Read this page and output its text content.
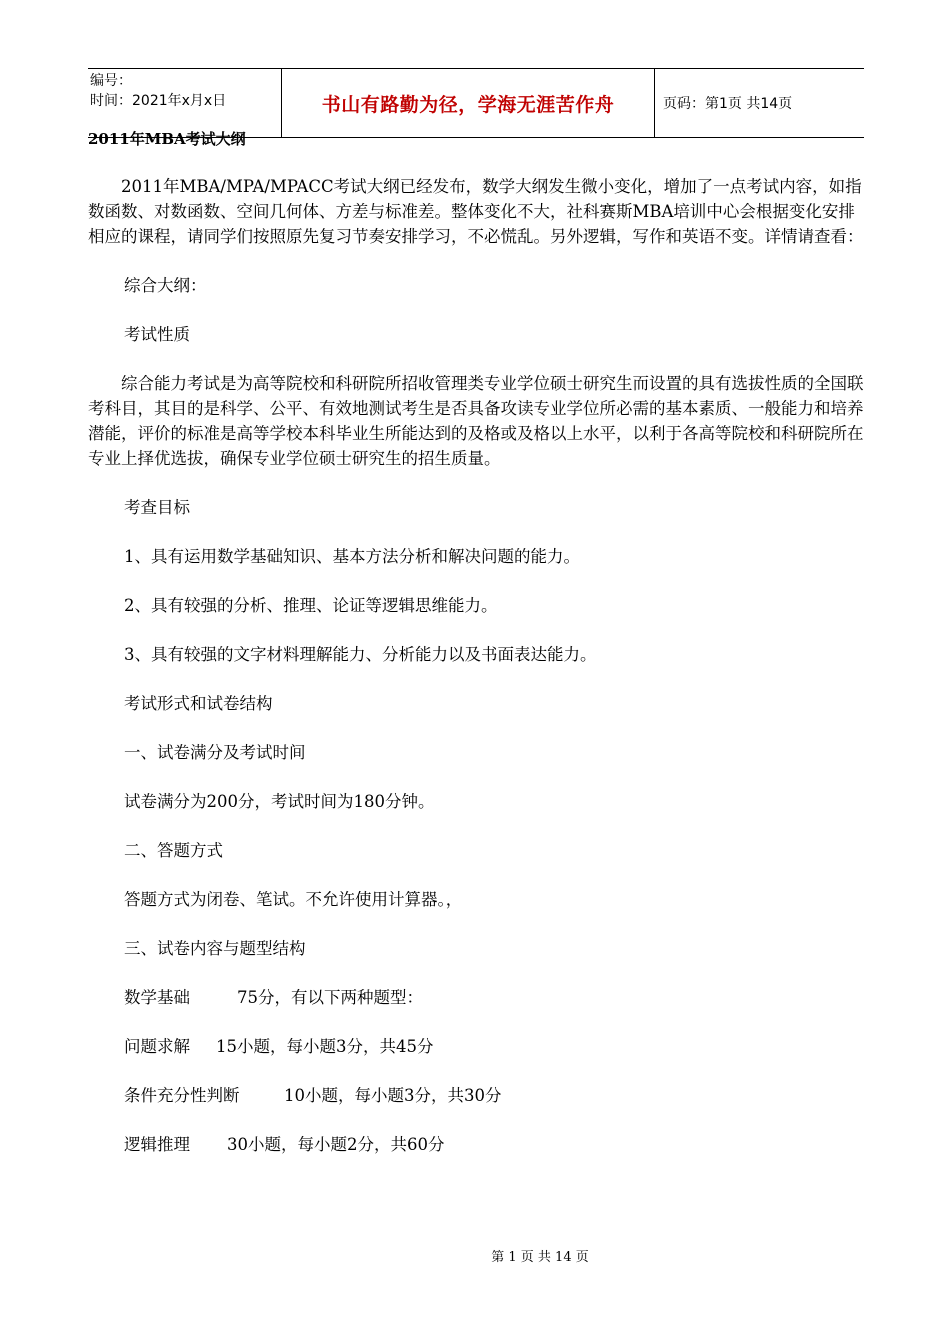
编号：
时间：2021年x月x日	书山有路勤为径，学海无涯苦作舟	页码：第1页 共14页
2011年MBA考试大纲

2011年MBA/MPA/MPACC考试大纲已经发布，数学大纲发生微小变化，增加了一点考试内容，如指数函数、对数函数、空间几何体、方差与标准差。整体变化不大，社科赛斯MBA培训中心会根据变化安排相应的课程，请同学们按照原先复习节奏安排学习，不必慌乱。另外逻辑，写作和英语不变。详情请查看：

综合大纲：

考试性质

综合能力考试是为高等院校和科研院所招收管理类专业学位硕士研究生而设置的具有选拔性质的全国联考科目，其目的是科学、公平、有效地测试考生是否具备攻读专业学位所必需的基本素质、一般能力和培养潜能，评价的标准是高等学校本科毕业生所能达到的及格或及格以上水平，以利于各高等院校和科研院所在专业上择优选拔，确保专业学位硕士研究生的招生质量。

考查目标

1、具有运用数学基础知识、基本方法分析和解决问题的能力。

2、具有较强的分析、推理、论证等逻辑思维能力。

3、具有较强的文字材料理解能力、分析能力以及书面表达能力。

考试形式和试卷结构

一、试卷满分及考试时间

试卷满分为200分，考试时间为180分钟。

二、答题方式

答题方式为闭卷、笔试。不允许使用计算器。，

三、试卷内容与题型结构

数学基础	75分，有以下两种题型：

问题求解 15小题，每小题3分，共45分

条件充分性判断	10小题，每小题3分，共30分

逻辑推理 30小题，每小题2分，共60分

第 1 页 共 14 页
